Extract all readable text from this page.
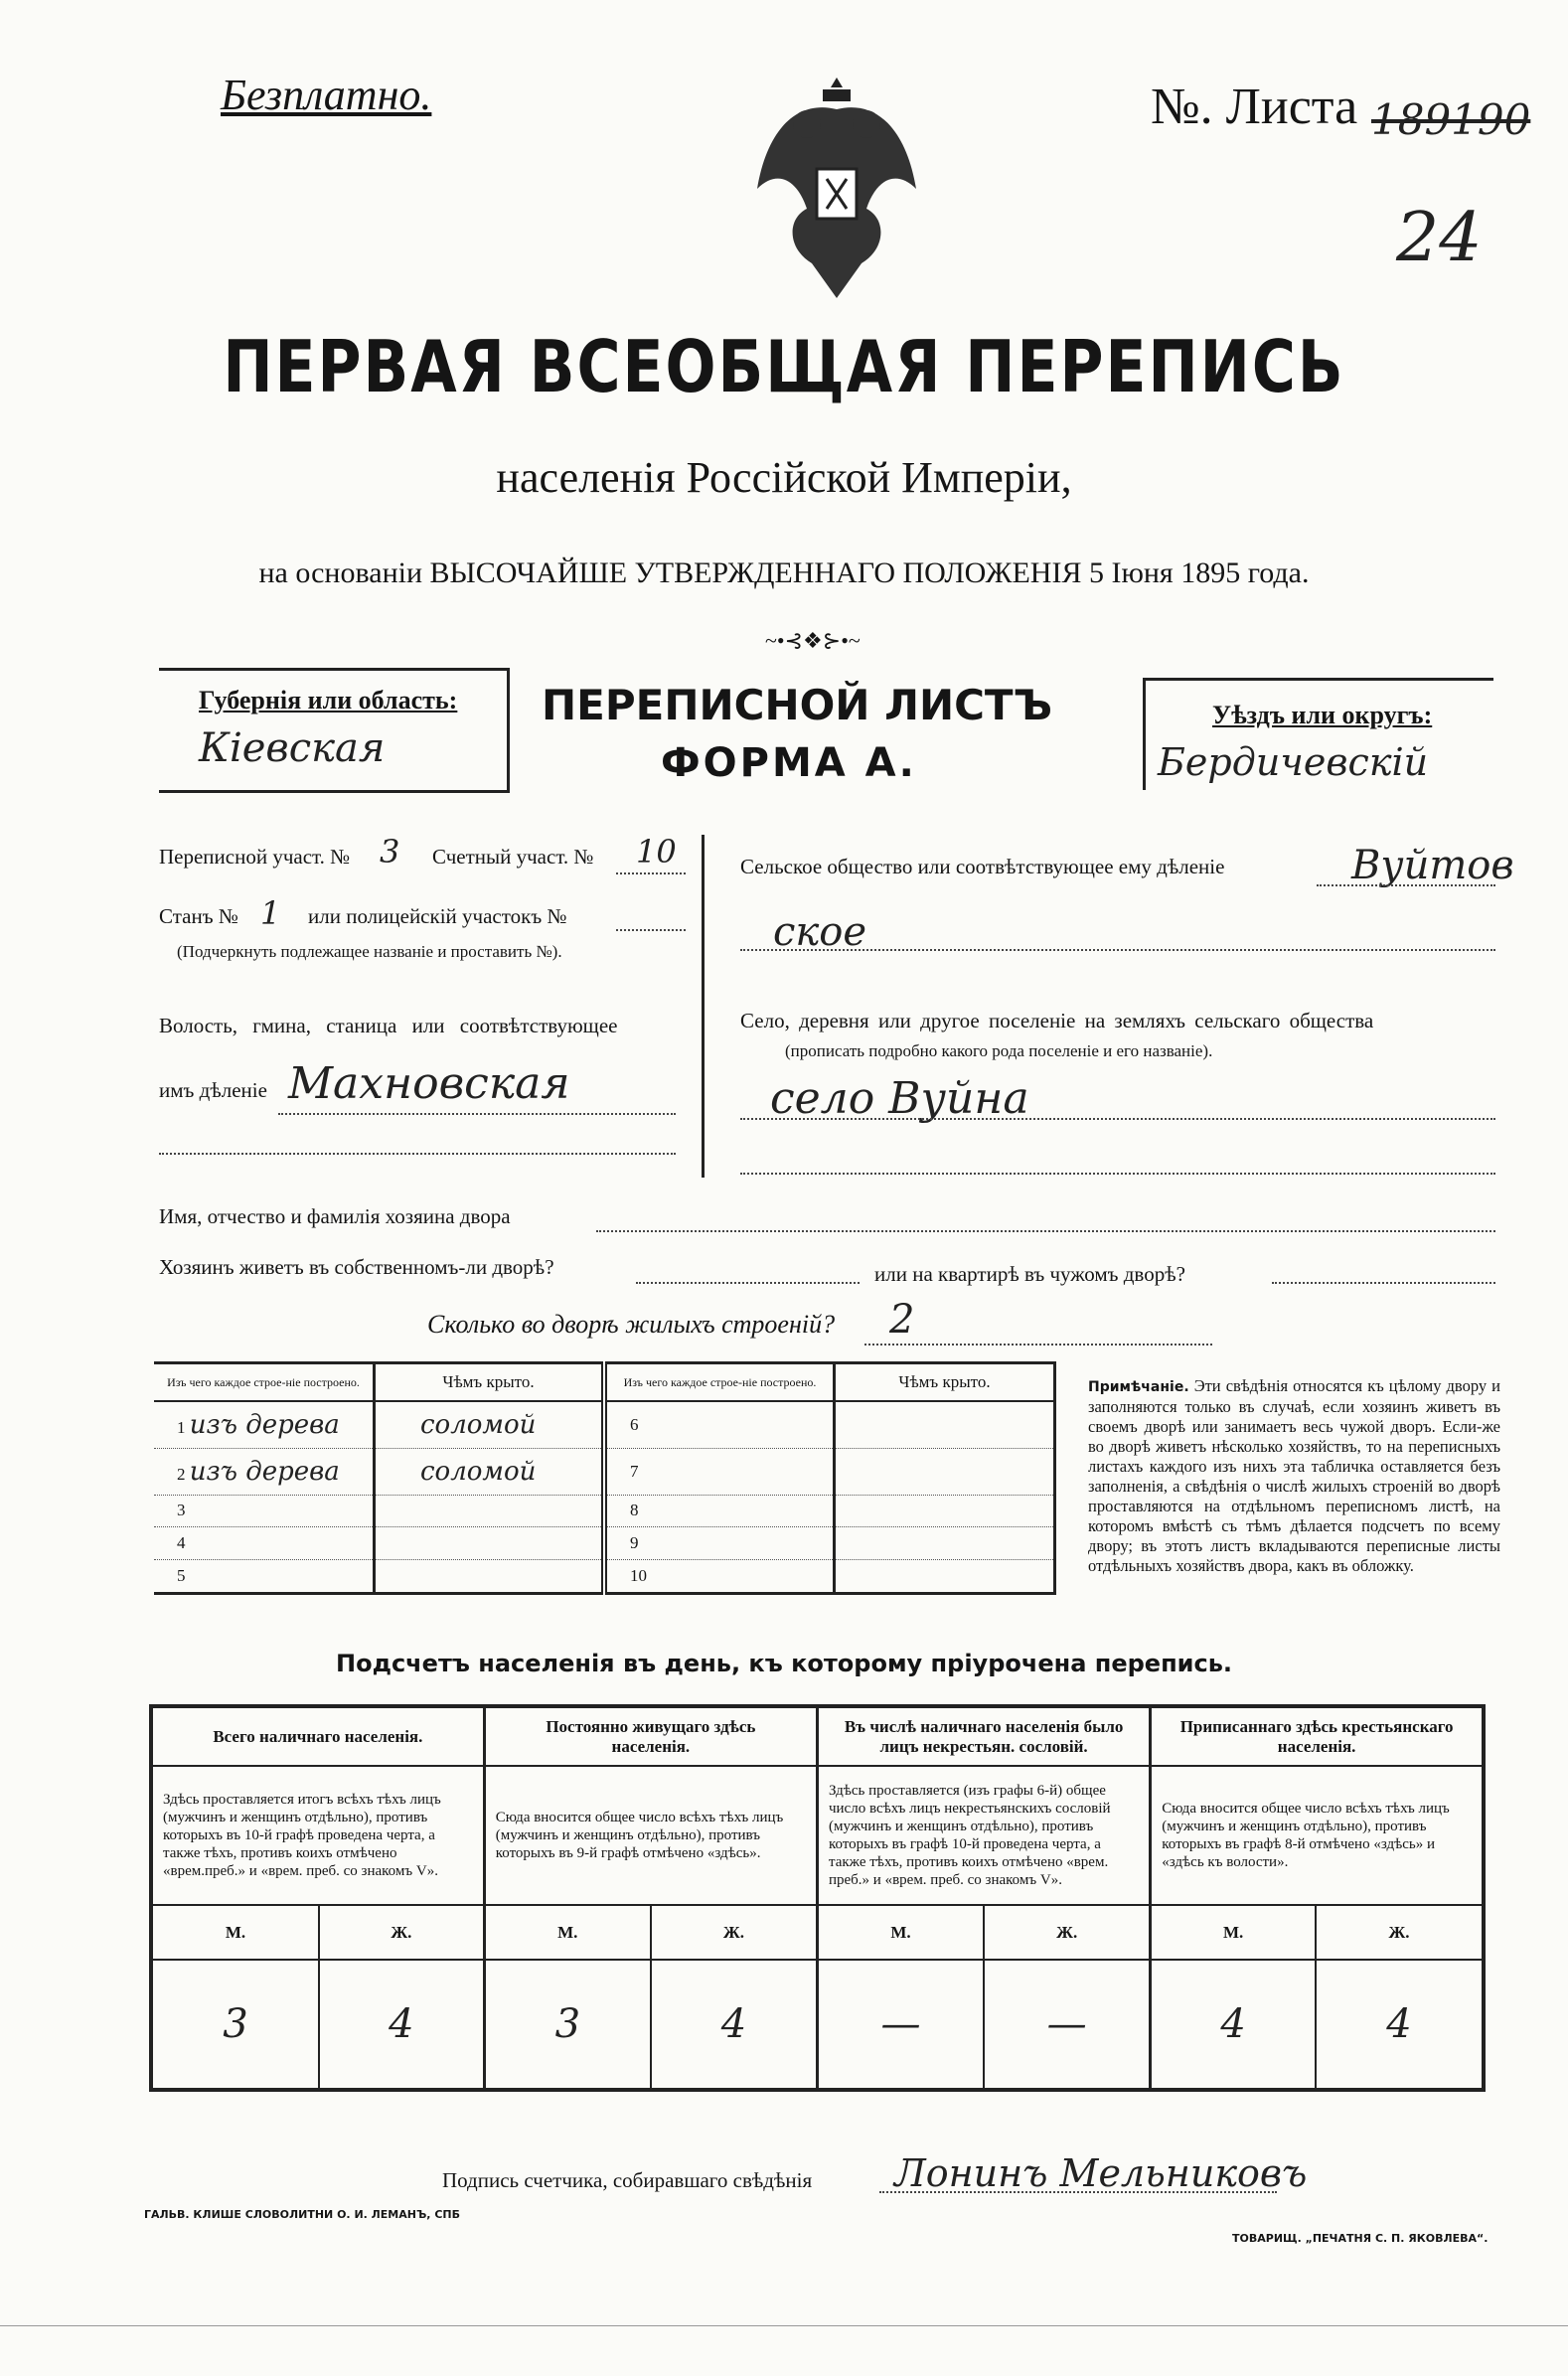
Безплатно.	№. Листа 189190
24
ПЕРВАЯ ВСЕОБЩАЯ ПЕРЕПИСЬ
населенія Россійской Имперіи,
на основаніи ВЫСОЧАЙШЕ УТВЕРЖДЕННАГО ПОЛОЖЕНІЯ 5 Іюня 1895 года.
~•⊰❖⊱•~
Губернія или область:
Кіевская
ПЕРЕПИСНОЙ ЛИСТЪ
ФОРМА А.
Уѣздъ или округъ:
Бердичевскій
Переписной участ. № 3 Счетный участ. № 10
Станъ № 1 или полицейскій участокъ №
(Подчеркнуть подлежащее названіе и проставить №).
Волость, гмина, станица или соотвѣтствующее
имъ дѣленіе Махновская
Сельское общество или соотвѣтствующее ему дѣленіе	Вуйтов
ское
Село, деревня или другое поселеніе на земляхъ сельскаго общества
(прописать подробно какого рода поселеніе и его названіе).
село Вуйна
Имя, отчество и фамилія хозяина двора
Хозяинъ живетъ въ собственномъ-ли дворѣ?	или на квартирѣ въ чужомъ дворѣ?
Сколько во дворѣ жилыхъ строеній? 2
Изъ чего каждое строе-ніе построено.	Чѣмъ крыто.	Изъ чего каждое строе-ніе построено.	Чѣмъ крыто.
1 изъ дерева	соломой	6	
2 изъ дерева	соломой	7	
3		8	
4		9	
5		10	
Примѣчаніе. Эти свѣдѣнія относятся къ цѣлому двору и заполняются только въ случаѣ, если хозяинъ живетъ въ своемъ дворѣ или занимаетъ весь чужой дворъ. Если-же во дворѣ живетъ нѣсколько хозяйствъ, то на переписныхъ листахъ каждого изъ нихъ эта табличка оставляется безъ заполненія, а свѣдѣнія о числѣ жилыхъ строеній во дворѣ проставляются на отдѣльномъ переписномъ листѣ, на которомъ вмѣстѣ съ тѣмъ дѣлается подсчетъ по всему двору; въ этотъ листъ вкладываются переписные листы отдѣльныхъ хозяйствъ двора, какъ въ обложку.
Подсчетъ населенія въ день, къ которому пріурочена перепись.
Всего наличнаго населенія.		Постоянно живущаго здѣсь населенія.		Въ числѣ наличнаго населенія было лицъ некрестьян. сословій.		Приписаннаго здѣсь крестьянскаго населенія.	
Здѣсь проставляется итогъ всѣхъ тѣхъ лицъ (мужчинъ и женщинъ отдѣльно), противъ которыхъ въ 10-й графѣ проведена черта, а также тѣхъ, противъ коихъ отмѣчено «врем.преб.» и «врем. преб. со знакомъ V».		Сюда вносится общее число всѣхъ тѣхъ лицъ (мужчинъ и женщинъ отдѣльно), противъ которыхъ въ 9-й графѣ отмѣчено «здѣсь».		Здѣсь проставляется (изъ графы 6-й) общее число всѣхъ лицъ некрестьянскихъ сословій (мужчинъ и женщинъ отдѣльно), противъ которыхъ въ графѣ 10-й проведена черта, а также тѣхъ, противъ коихъ отмѣчено «врем. преб.» и «врем. преб. со знакомъ V».		Сюда вносится общее число всѣхъ тѣхъ лицъ (мужчинъ и женщинъ отдѣльно), противъ которыхъ въ графѣ 8-й отмѣчено «здѣсь» и «здѣсь къ волости».	
М.	Ж.	М.	Ж.	М.	Ж.	М.	Ж.
3	4	3	4	—	—	4	4
Подпись счетчика, собиравшаго свѣдѣнія Лонинъ Мельниковъ
ГАЛЬВ. КЛИШЕ СЛОВОЛИТНИ О. И. ЛЕМАНЪ, СПБ
ТОВАРИЩ. „ПЕЧАТНЯ С. П. ЯКОВЛЕВА“.
